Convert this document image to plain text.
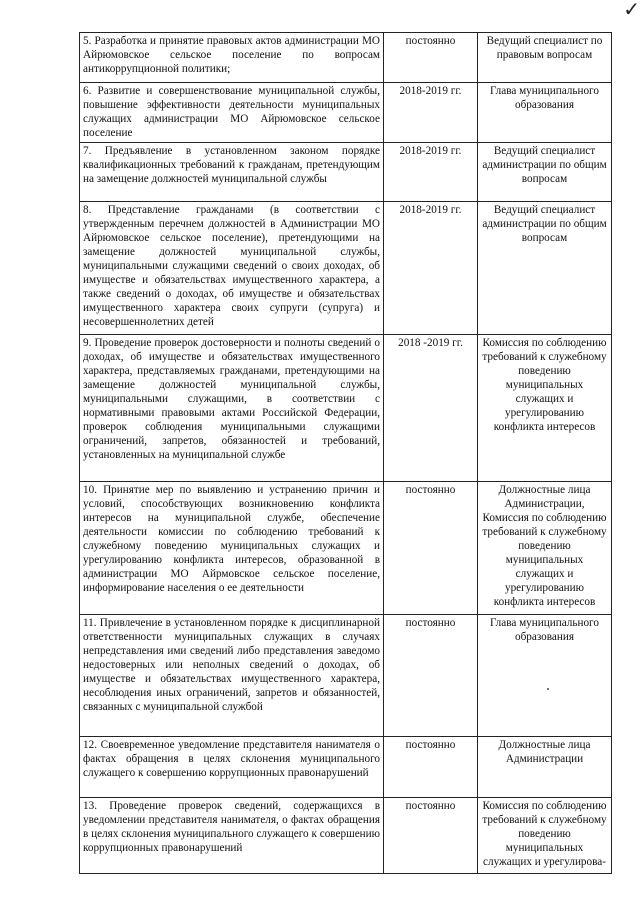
✓
5. Разработка и принятие правовых актов администрации МО Айрюмовское сельское поселение по вопросам антикоррупционной политики;	постоянно	Ведущий специалист по правовым вопросам
6. Развитие и совершенствование муниципальной службы, повышение эффективности деятельности муниципальных служащих администрации МО Айрюмовское сельское поселение	2018-2019 гг.	Глава муниципального образования
7. Предъявление в установленном законом порядке квалификационных требований к гражданам, претендующим на замещение должностей муниципальной службы	2018-2019 гг.	Ведущий специалист администрации по общим вопросам
8. Представление гражданами (в соответствии с утвержденным перечнем должностей в Администрации МО Айрюмовское сельское поселение), претендующими на замещение должностей муниципальной службы, муниципальными служащими сведений о своих доходах, об имуществе и обязательствах имущественного характера, а также сведений о доходах, об имуществе и обязательствах имущественного характера своих супруги (супруга) и несовершеннолетних детей	2018-2019 гг.	Ведущий специалист администрации по общим вопросам
9. Проведение проверок достоверности и полноты сведений о доходах, об имуществе и обязательствах имущественного характера, представляемых гражданами, претендующими на замещение должностей муниципальной службы, муниципальными служащими, в соответствии с нормативными правовыми актами Российской Федерации, проверок соблюдения муниципальными служащими ограничений, запретов, обязанностей и требований, установленных на муниципальной службе	2018 -2019 гг.	Комиссия по соблюдению требований к служебному поведению муниципальных служащих и урегулированию конфликта интересов
10. Принятие мер по выявлению и устранению причин и условий, способствующих возникновению конфликта интересов на муниципальной службе, обеспечение деятельности комиссии по соблюдению требований к служебному поведению муниципальных служащих и урегулированию конфликта интересов, образованной в администрации МО Айрмовское сельское поселение, информирование населения о ее деятельности	постоянно	Должностные лица Администрации, Комиссия по соблюдению требований к служебному поведению муниципальных служащих и урегулированию конфликта интересов
11. Привлечение в установленном порядке к дисциплинарной ответственности муниципальных служащих в случаях непредставления ими сведений либо представления заведомо недостоверных или неполных сведений о доходах, об имуществе и обязательствах имущественного характера, несоблюдения иных ограничений, запретов и обязанностей, связанных с муниципальной службой	постоянно	Глава муниципального образования
12. Своевременное уведомление представителя нанимателя о фактах обращения в целях склонения муниципального служащего к совершению коррупционных правонарушений	постоянно	Должностные лица Администрации
13. Проведение проверок сведений, содержащихся в уведомлении представителя нанимателя, о фактах обращения в целях склонения муниципального служащего к совершению коррупционных правонарушений	постоянно	Комиссия по соблюдению требований к служебному поведению муниципальных служащих и урегулирова-
